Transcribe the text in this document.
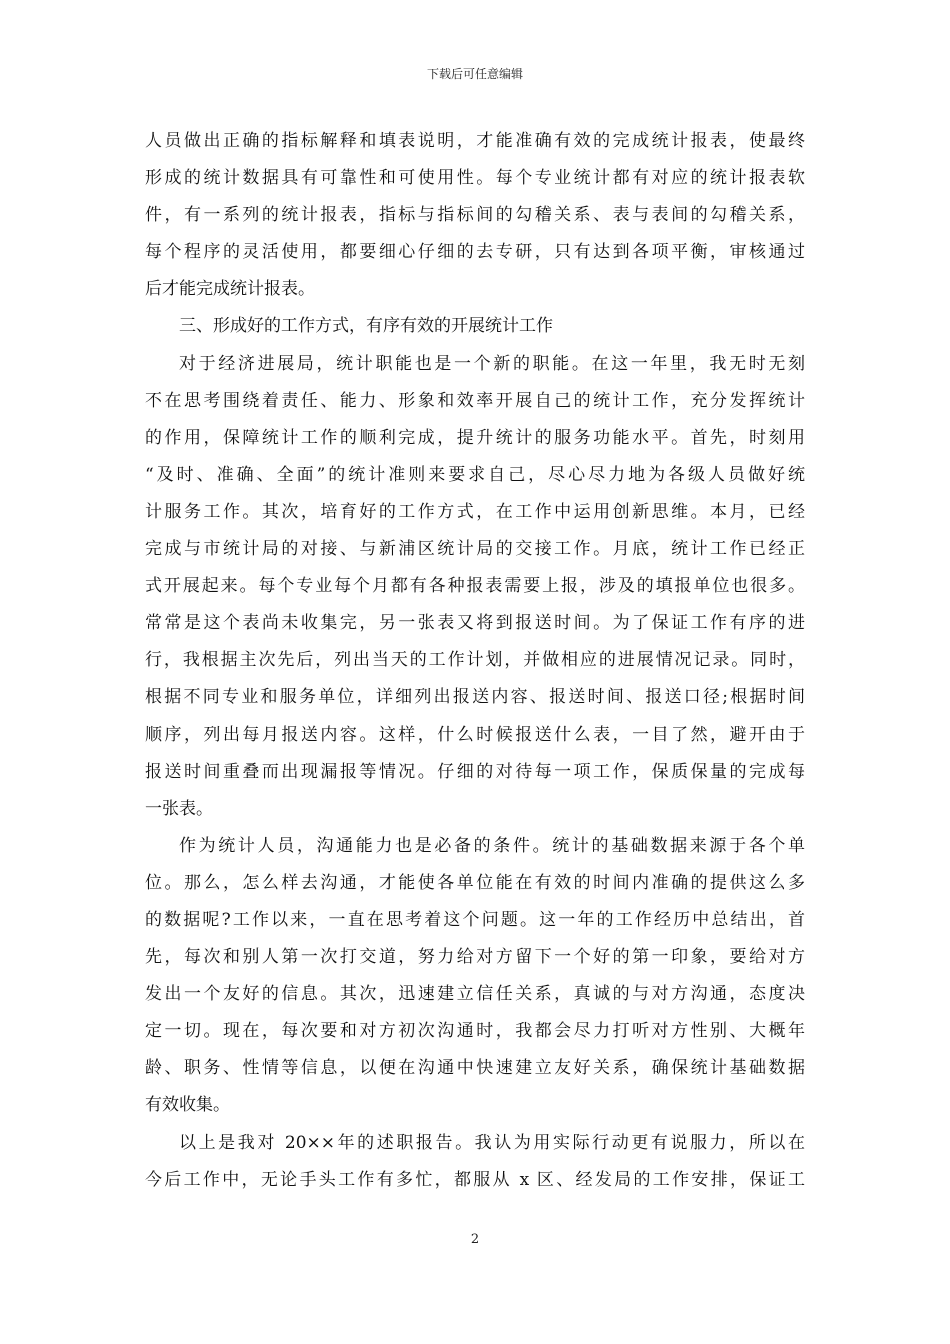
下载后可任意编辑
人员做出正确的指标解释和填表说明，才能准确有效的完成统计报表，使最终
形成的统计数据具有可靠性和可使用性。每个专业统计都有对应的统计报表软
件，有一系列的统计报表，指标与指标间的勾稽关系、表与表间的勾稽关系，
每个程序的灵活使用，都要细心仔细的去专研，只有达到各项平衡，审核通过
后才能完成统计报表。
三、形成好的工作方式，有序有效的开展统计工作
对于经济进展局，统计职能也是一个新的职能。在这一年里，我无时无刻
不在思考围绕着责任、能力、形象和效率开展自己的统计工作，充分发挥统计
的作用，保障统计工作的顺利完成，提升统计的服务功能水平。首先，时刻用
“及时、准确、全面”的统计准则来要求自己，尽心尽力地为各级人员做好统
计服务工作。其次，培育好的工作方式，在工作中运用创新思维。本月，已经
完成与市统计局的对接、与新浦区统计局的交接工作。月底，统计工作已经正
式开展起来。每个专业每个月都有各种报表需要上报，涉及的填报单位也很多。
常常是这个表尚未收集完，另一张表又将到报送时间。为了保证工作有序的进
行，我根据主次先后，列出当天的工作计划，并做相应的进展情况记录。同时，
根据不同专业和服务单位，详细列出报送内容、报送时间、报送口径;根据时间
顺序，列出每月报送内容。这样，什么时候报送什么表，一目了然，避开由于
报送时间重叠而出现漏报等情况。仔细的对待每一项工作，保质保量的完成每
一张表。
作为统计人员，沟通能力也是必备的条件。统计的基础数据来源于各个单
位。那么，怎么样去沟通，才能使各单位能在有效的时间内准确的提供这么多
的数据呢?工作以来，一直在思考着这个问题。这一年的工作经历中总结出，首
先，每次和别人第一次打交道，努力给对方留下一个好的第一印象，要给对方
发出一个友好的信息。其次，迅速建立信任关系，真诚的与对方沟通，态度决
定一切。现在，每次要和对方初次沟通时，我都会尽力打听对方性别、大概年
龄、职务、性情等信息，以便在沟通中快速建立友好关系，确保统计基础数据
有效收集。
以上是我对 20××年的述职报告。我认为用实际行动更有说服力，所以在
今后工作中，无论手头工作有多忙，都服从 x 区、经发局的工作安排，保证工
2
